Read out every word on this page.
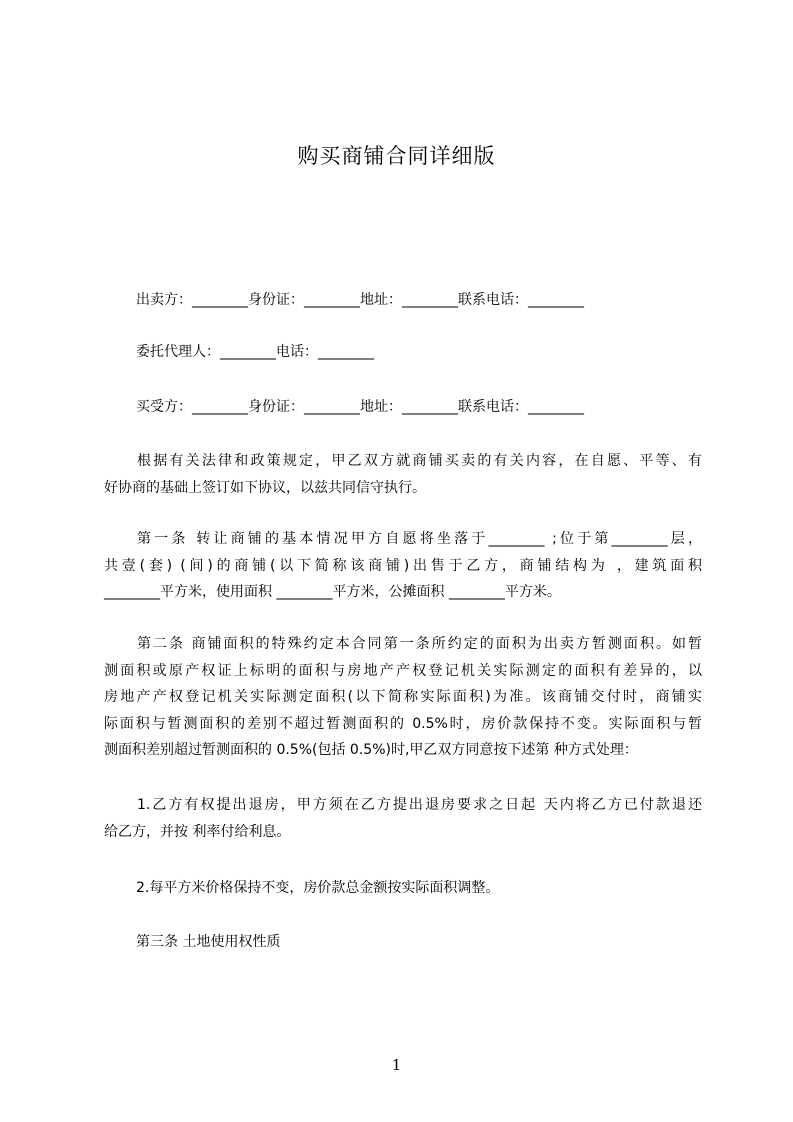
购买商铺合同详细版
出卖方：________身份证：________地址：________联系电话：________
委托代理人：________电话：________
买受方：________身份证：________地址：________联系电话：________
根据有关法律和政策规定，甲乙双方就商铺买卖的有关内容，在自愿、平等、有
好协商的基础上签订如下协议，以兹共同信守执行。
第一条 转让商铺的基本情况甲方自愿将坐落于________ ;位于第________层，
共壹(套) (间)的商铺(以下简称该商铺)出售于乙方，商铺结构为 ，建筑面积
________平方米，使用面积 ________平方米，公摊面积 ________平方米。
第二条 商铺面积的特殊约定本合同第一条所约定的面积为出卖方暂测面积。如暂
测面积或原产权证上标明的面积与房地产产权登记机关实际测定的面积有差异的，以
房地产产权登记机关实际测定面积(以下简称实际面积)为准。该商铺交付时，商铺实
际面积与暂测面积的差别不超过暂测面积的 0.5%时，房价款保持不变。实际面积与暂
测面积差别超过暂测面积的 0.5%(包括 0.5%)时,甲乙双方同意按下述第 种方式处理：
1.乙方有权提出退房，甲方须在乙方提出退房要求之日起 天内将乙方已付款退还
给乙方，并按 利率付给利息。
2.每平方米价格保持不变，房价款总金额按实际面积调整。
第三条 土地使用权性质
1
